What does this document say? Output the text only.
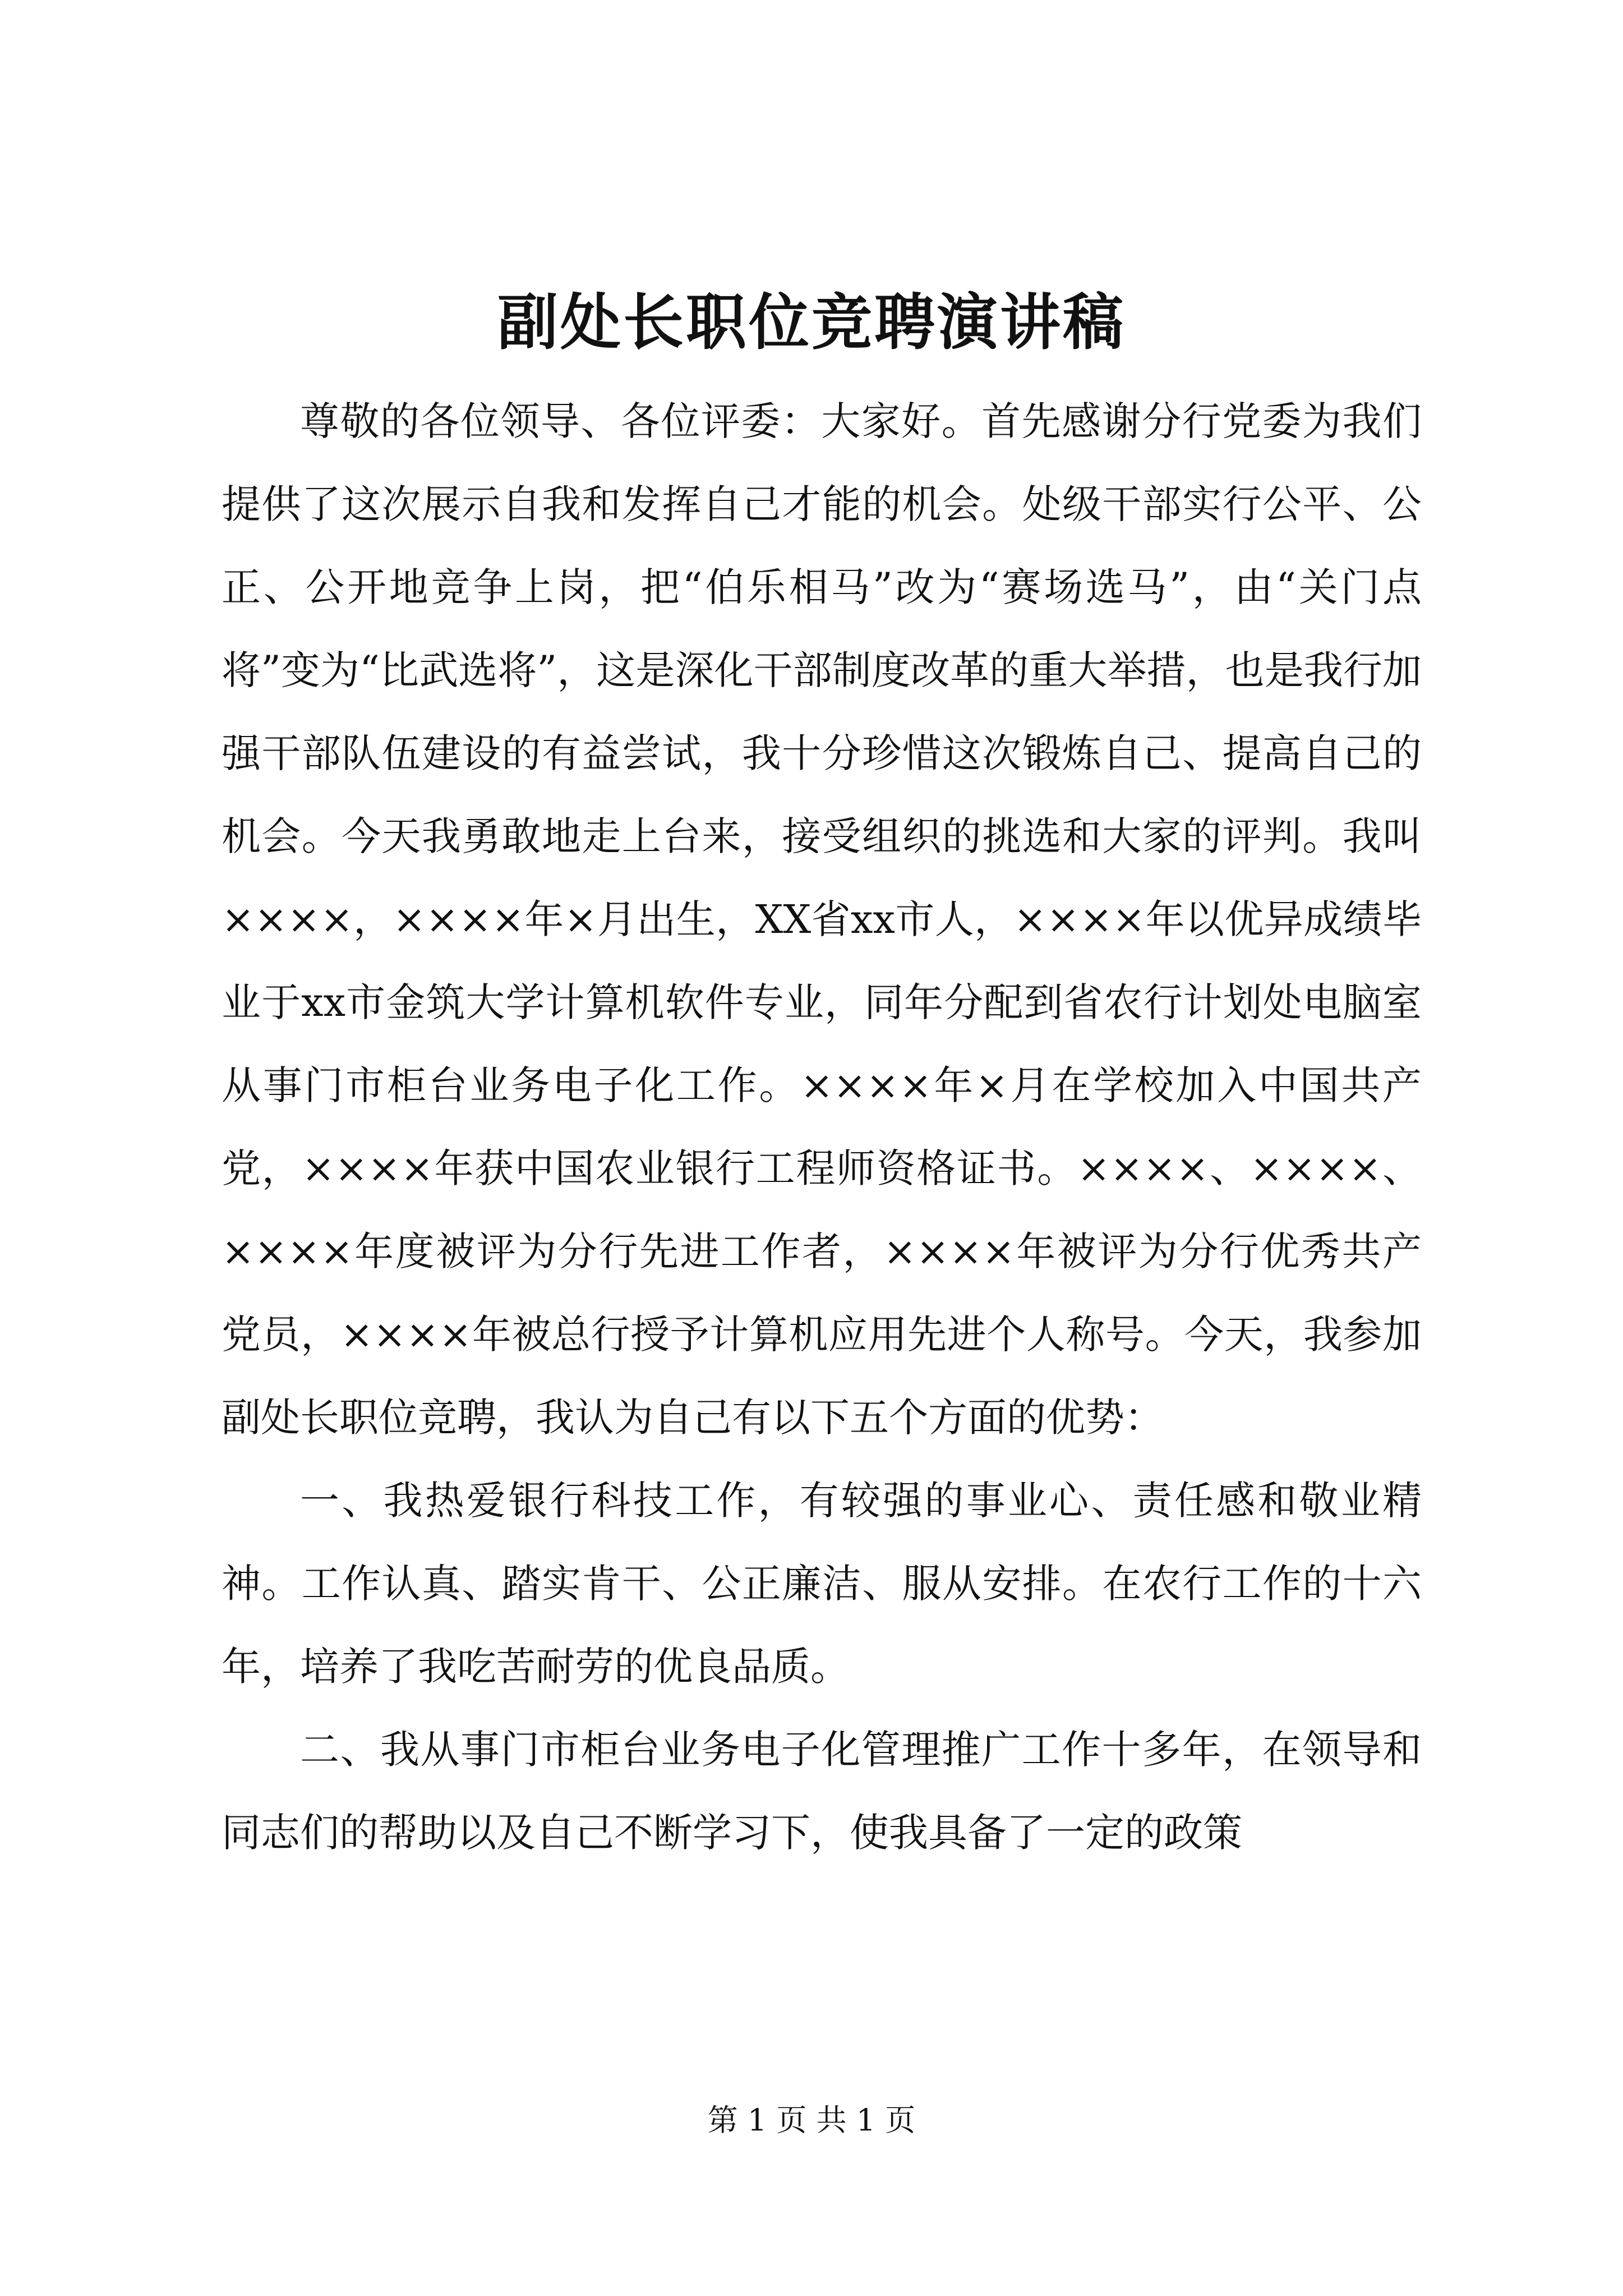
副处长职位竞聘演讲稿

尊敬的各位领导、各位评委：大家好。首先感谢分行党委为我们提供了这次展示自我和发挥自己才能的机会。处级干部实行公平、公正、公开地竞争上岗，把“伯乐相马”改为“赛场选马”，由“关门点将”变为“比武选将”，这是深化干部制度改革的重大举措，也是我行加强干部队伍建设的有益尝试，我十分珍惜这次锻炼自己、提高自己的机会。今天我勇敢地走上台来，接受组织的挑选和大家的评判。我叫××××，××××年×月出生，XX省xx市人，××××年以优异成绩毕业于xx市金筑大学计算机软件专业，同年分配到省农行计划处电脑室从事门市柜台业务电子化工作。××××年×月在学校加入中国共产党，××××年获中国农业银行工程师资格证书。××××、××××、××××年度被评为分行先进工作者，××××年被评为分行优秀共产党员，××××年被总行授予计算机应用先进个人称号。今天，我参加副处长职位竞聘，我认为自己有以下五个方面的优势：

一、我热爱银行科技工作，有较强的事业心、责任感和敬业精神。工作认真、踏实肯干、公正廉洁、服从安排。在农行工作的十六年，培养了我吃苦耐劳的优良品质。

二、我从事门市柜台业务电子化管理推广工作十多年，在领导和同志们的帮助以及自己不断学习下，使我具备了一定的政策

第 1 页 共 1 页
